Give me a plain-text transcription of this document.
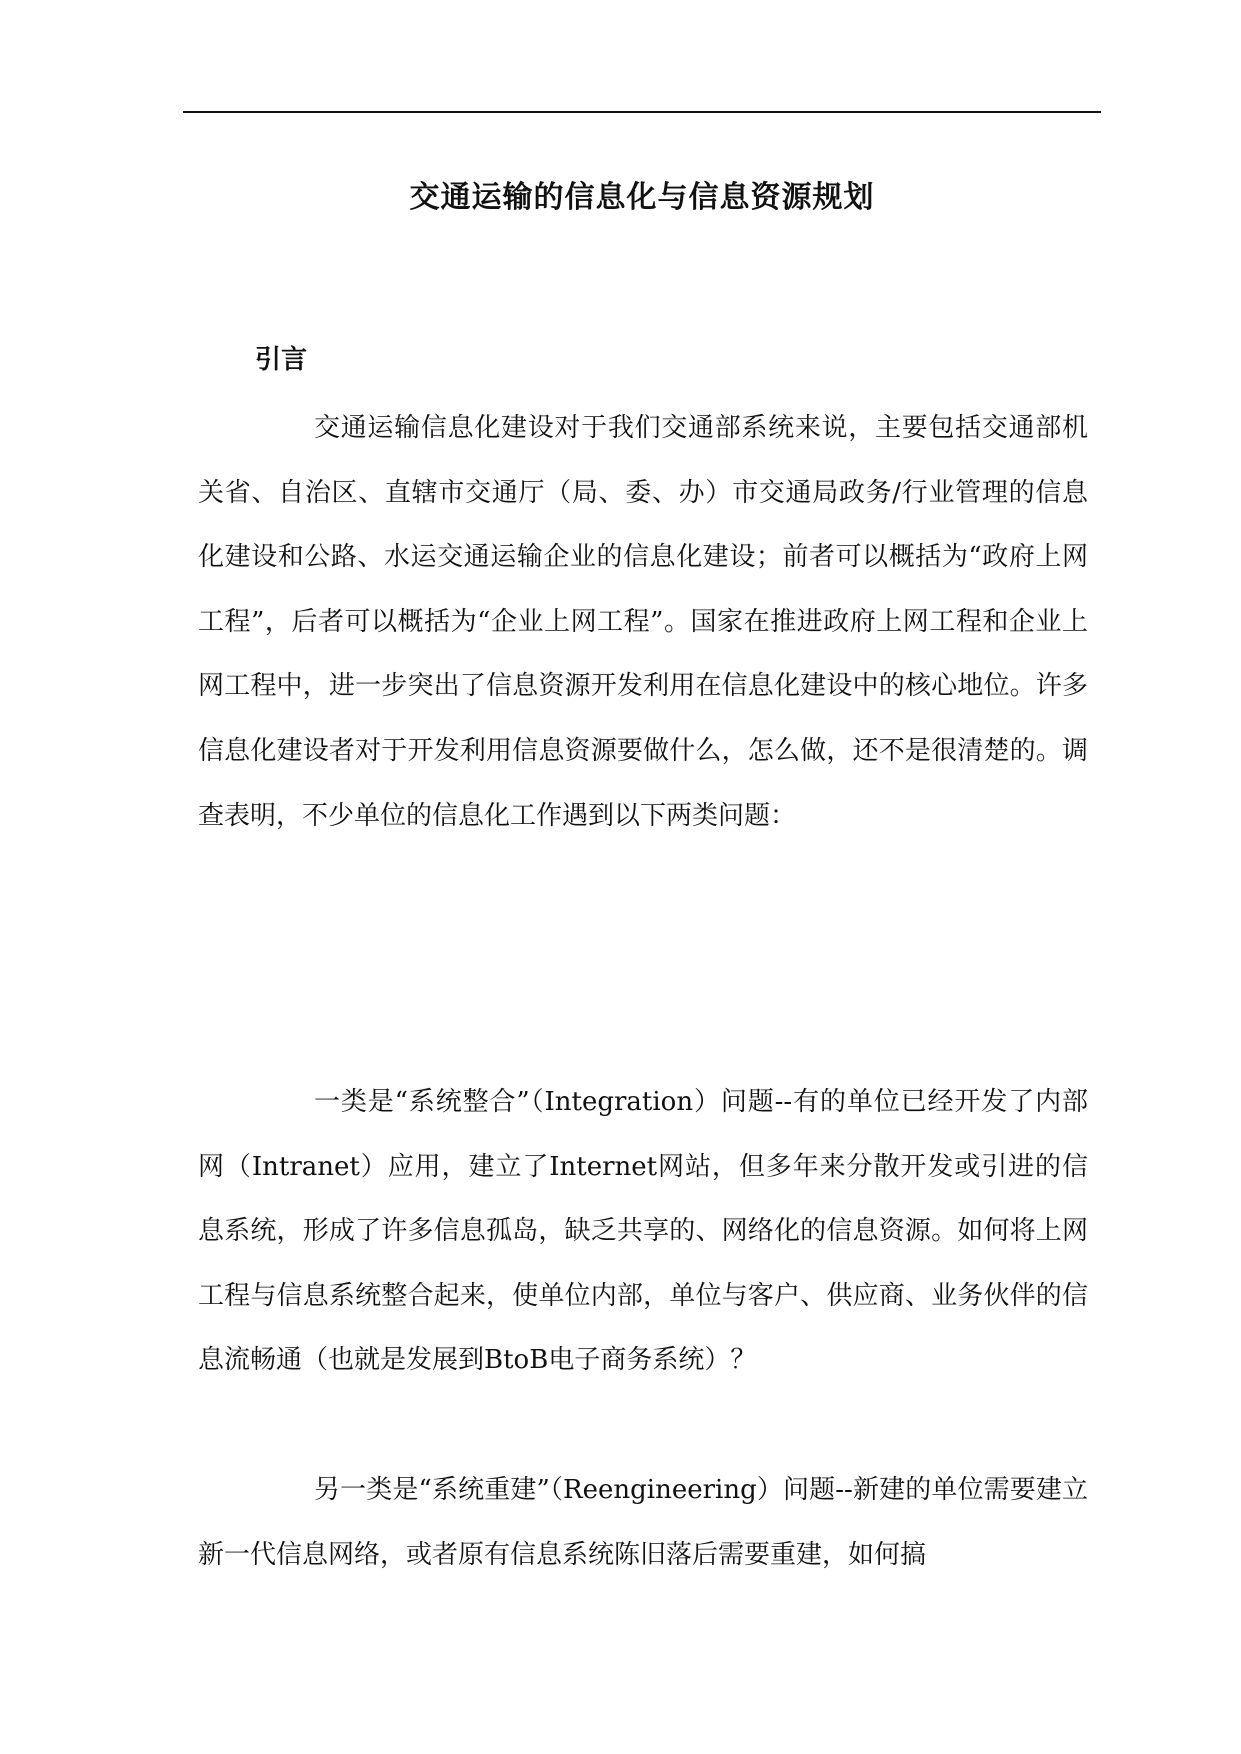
交通运输的信息化与信息资源规划
引言

交通运输信息化建设对于我们交通部系统来说，主要包括交通部机关省、自治区、直辖市交通厅（局、委、办）市交通局政务/行业管理的信息化建设和公路、水运交通运输企业的信息化建设；前者可以概括为“政府上网工程”，后者可以概括为“企业上网工程”。国家在推进政府上网工程和企业上网工程中，进一步突出了信息资源开发利用在信息化建设中的核心地位。许多信息化建设者对于开发利用信息资源要做什么，怎么做，还不是很清楚的。调查表明，不少单位的信息化工作遇到以下两类问题：

一类是“系统整合”（Integration）问题--有的单位已经开发了内部网（Intranet）应用，建立了Internet网站，但多年来分散开发或引进的信息系统，形成了许多信息孤岛，缺乏共享的、网络化的信息资源。如何将上网工程与信息系统整合起来，使单位内部，单位与客户、供应商、业务伙伴的信息流畅通（也就是发展到BtoB电子商务系统）？

另一类是“系统重建”（Reengineering）问题--新建的单位需要建立新一代信息网络，或者原有信息系统陈旧落后需要重建，如何搞
